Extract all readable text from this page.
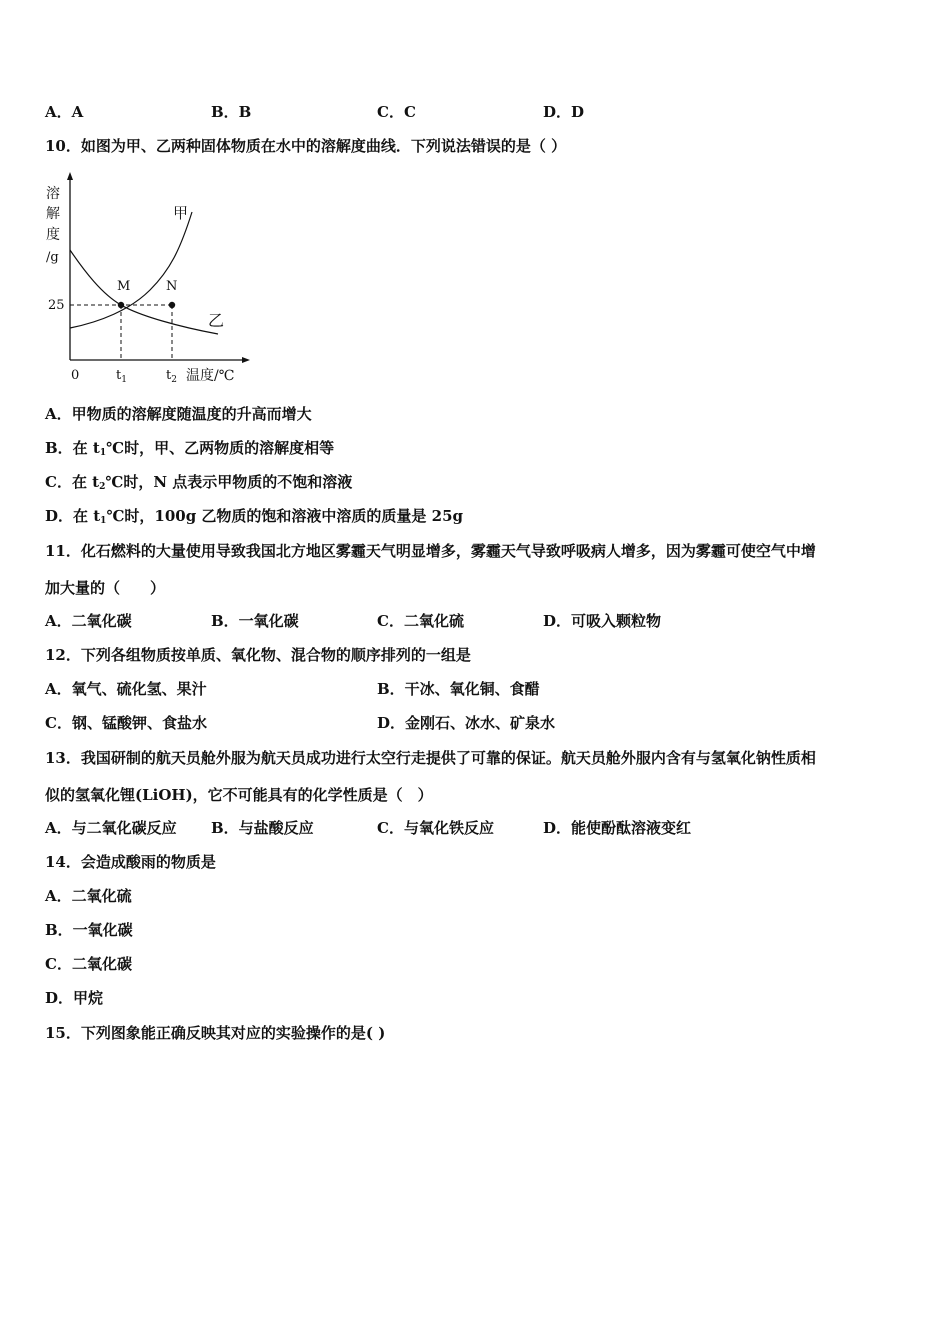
A．A	B．B	C．C	D．D
10．如图为甲、乙两种固体物质在水中的溶解度曲线．下列说法错误的是（ ）
溶
解
度
/g
25
M	N
甲
乙
0	$t_1$	$t_2$ 温度/℃
A．甲物质的溶解度随温度的升高而增大
B．在 $t_1℃$时，甲、乙两物质的溶解度相等
C．在 $t_2℃$时，N 点表示甲物质的不饱和溶液
D．在 $t_1℃$时，100g 乙物质的饱和溶液中溶质的质量是 25g
11．化石燃料的大量使用导致我国北方地区雾霾天气明显增多，雾霾天气导致呼吸病人增多，因为雾霾可使空气中增
加大量的（　　）
A．二氧化碳	B．一氧化碳	C．二氧化硫	D．可吸入颗粒物
12．下列各组物质按单质、氧化物、混合物的顺序排列的一组是
A．氧气、硫化氢、果汁	B．干冰、氧化铜、食醋
C．钢、锰酸钾、食盐水	D．金刚石、冰水、矿泉水
13．我国研制的航天员舱外服为航天员成功进行太空行走提供了可靠的保证。航天员舱外服内含有与氢氧化钠性质相
似的氢氧化锂(LiOH)，它不可能具有的化学性质是（　）
A．与二氧化碳反应 B．与盐酸反应	C．与氧化铁反应	D．能使酚酞溶液变红
14．会造成酸雨的物质是
A．二氧化硫
B．一氧化碳
C．二氧化碳
D．甲烷
15．下列图象能正确反映其对应的实验操作的是( )
